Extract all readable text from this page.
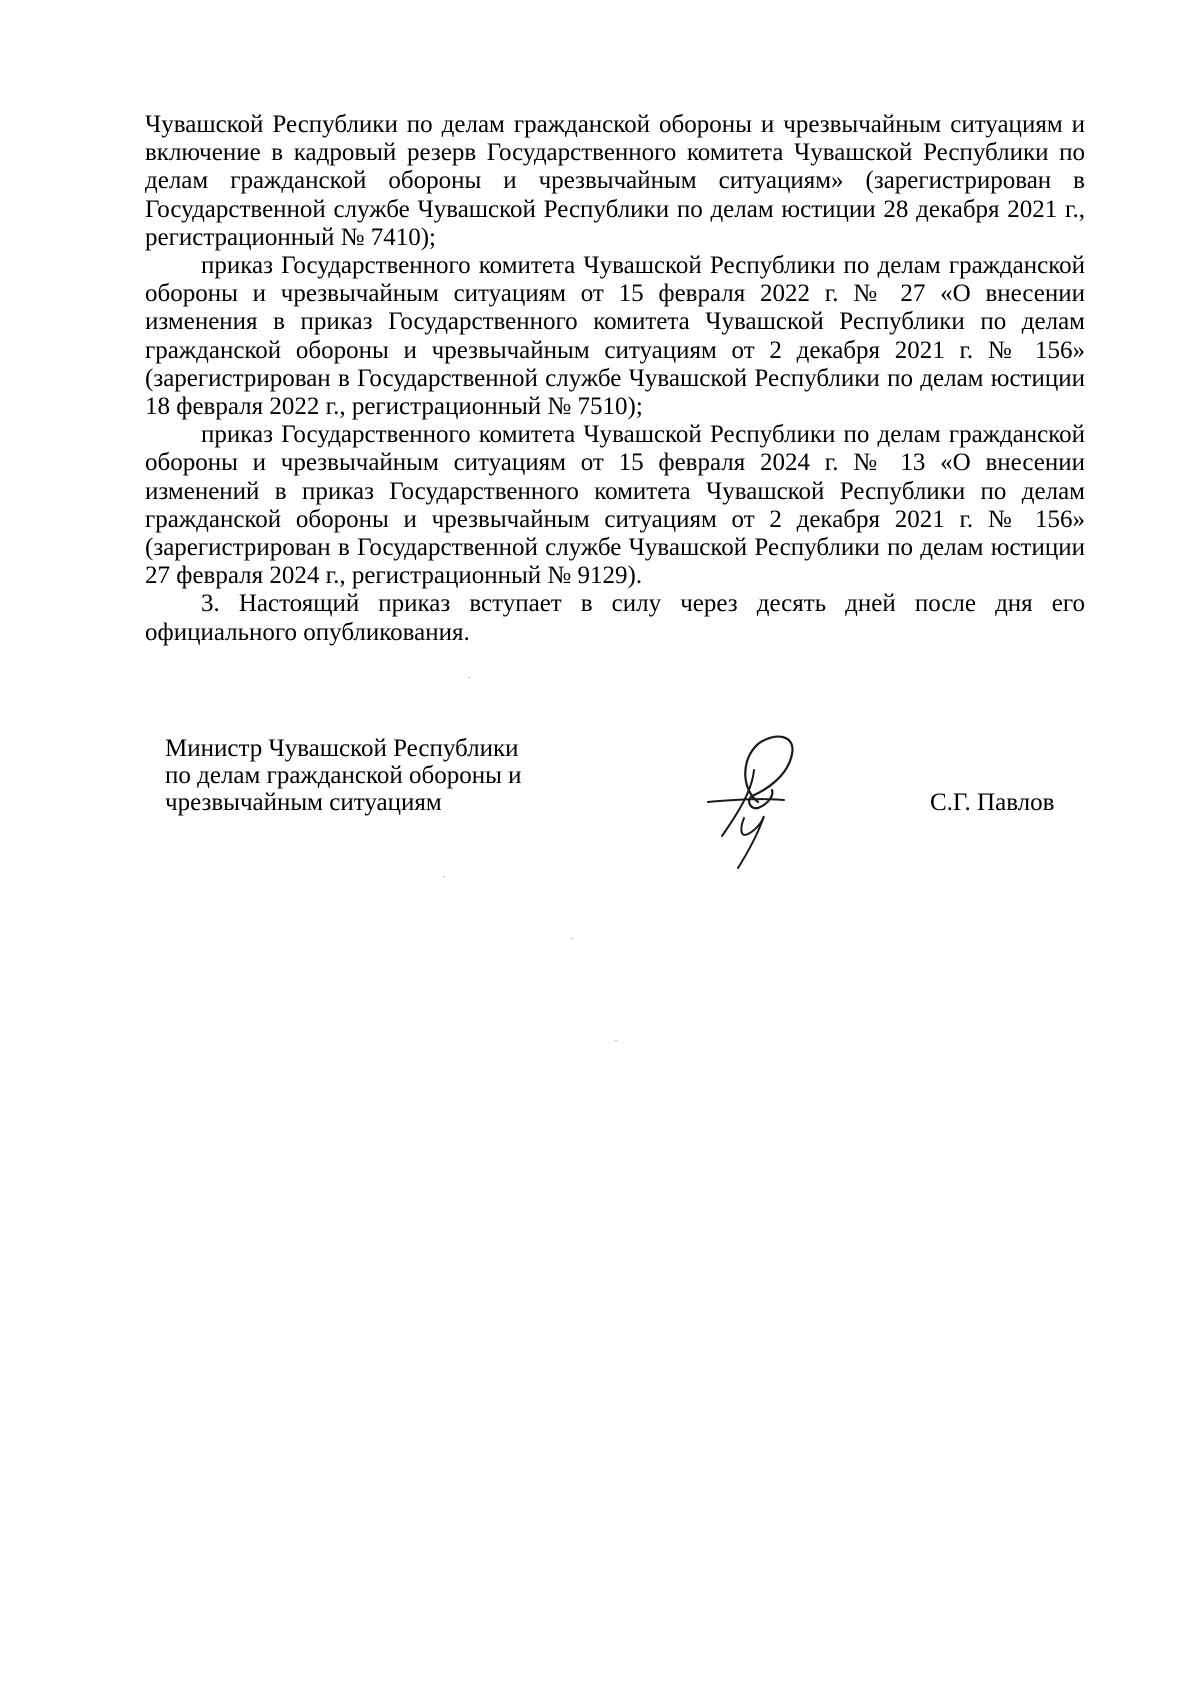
Чувашской Республики по делам гражданской обороны и чрезвычайным ситуациям и включение в кадровый резерв Государственного комитета Чувашской Республики по делам гражданской обороны и чрезвычайным ситуациям» (зарегистрирован в Государственной службе Чувашской Республики по делам юстиции 28 декабря 2021 г., регистрационный № 7410);

приказ Государственного комитета Чувашской Республики по делам гражданской обороны и чрезвычайным ситуациям от 15 февраля 2022 г. № 27 «О внесении изменения в приказ Государственного комитета Чувашской Республики по делам гражданской обороны и чрезвычайным ситуациям от 2 декабря 2021 г. № 156» (зарегистрирован в Государственной службе Чувашской Республики по делам юстиции 18 февраля 2022 г., регистрационный № 7510);

приказ Государственного комитета Чувашской Республики по делам гражданской обороны и чрезвычайным ситуациям от 15 февраля 2024 г. № 13 «О внесении изменений в приказ Государственного комитета Чувашской Республики по делам гражданской обороны и чрезвычайным ситуациям от 2 декабря 2021 г. № 156» (зарегистрирован в Государственной службе Чувашской Республики по делам юстиции 27 февраля 2024 г., регистрационный № 9129).

3. Настоящий приказ вступает в силу через десять дней после дня его официального опубликования.

Министр Чувашской Республики
по делам гражданской обороны и
чрезвычайным ситуациям	С.Г. Павлов
